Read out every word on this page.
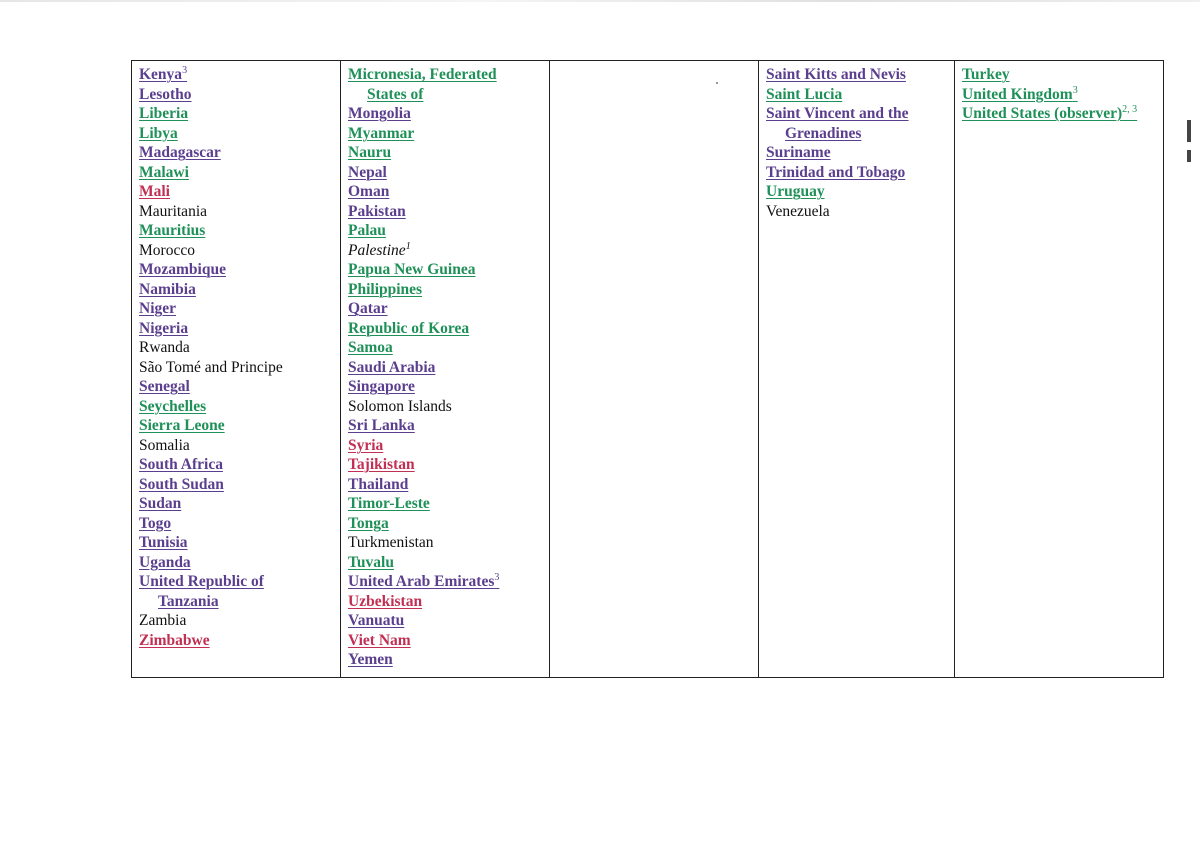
Kenya$^3$
Lesotho
Liberia
Libya
Madagascar
Malawi
Mali
Mauritania
Mauritius
Morocco
Mozambique
Namibia
Niger
Nigeria
Rwanda
São Tomé and Principe
Senegal
Seychelles
Sierra Leone
Somalia
South Africa
South Sudan
Sudan
Togo
Tunisia
Uganda
United Republic of
Tanzania
Zambia
Zimbabwe
Micronesia, Federated
States of
Mongolia
Myanmar
Nauru
Nepal
Oman
Pakistan
Palau
Palestine$^1$
Papua New Guinea
Philippines
Qatar
Republic of Korea
Samoa
Saudi Arabia
Singapore
Solomon Islands
Sri Lanka
Syria
Tajikistan
Thailand
Timor-Leste
Tonga
Turkmenistan
Tuvalu
United Arab Emirates$^3$
Uzbekistan
Vanuatu
Viet Nam
Yemen
Saint Kitts and Nevis
Saint Lucia
Saint Vincent and the
Grenadines
Suriname
Trinidad and Tobago
Uruguay
Venezuela
Turkey
United Kingdom$^3$
United States (observer)$^{2, 3}$
